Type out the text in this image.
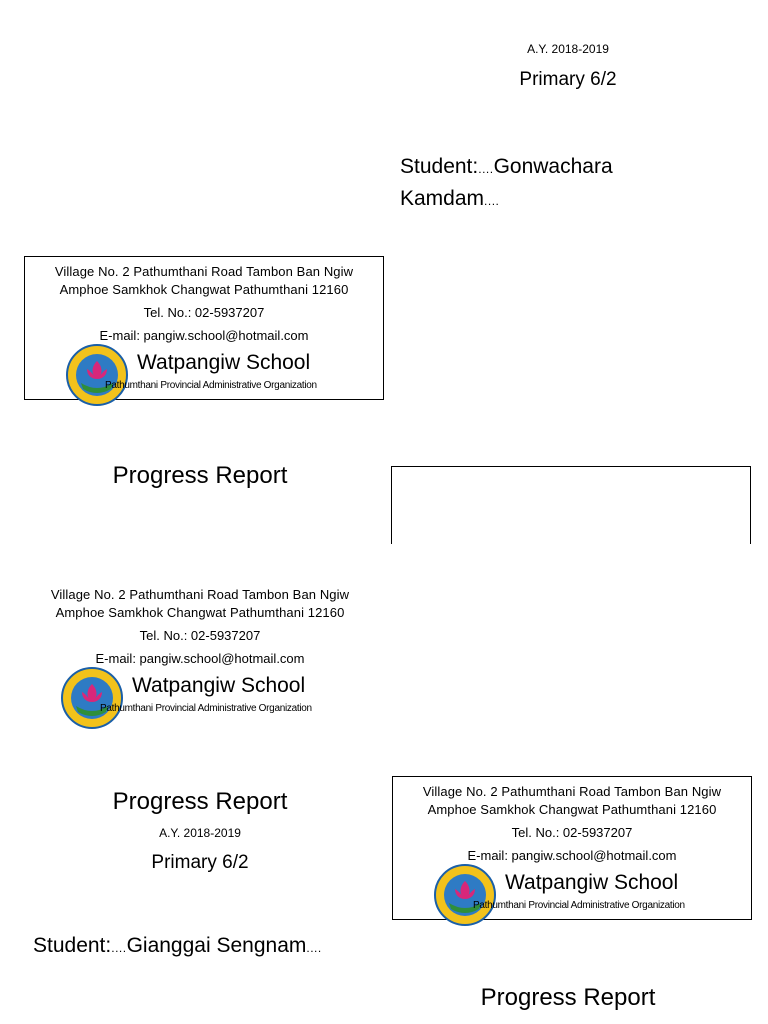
A.Y. 2018-2019
Primary 6/2
Student:....Gonwachara Kamdam....
Village No. 2 Pathumthani Road Tambon Ban Ngiw
Amphoe Samkhok Changwat Pathumthani 12160
Tel. No.: 02-5937207
E-mail: pangiw.school@hotmail.com
Watpangiw School
Pathumthani Provincial Administrative Organization
Progress Report
Village No. 2 Pathumthani Road Tambon Ban Ngiw
Amphoe Samkhok Changwat Pathumthani 12160
Tel. No.: 02-5937207
E-mail: pangiw.school@hotmail.com
Watpangiw School
Pathumthani Provincial Administrative Organization
Progress Report
A.Y. 2018-2019
Primary 6/2
Student:....Gianggai Sengnam....
Village No. 2 Pathumthani Road Tambon Ban Ngiw
Amphoe Samkhok Changwat Pathumthani 12160
Tel. No.: 02-5937207
E-mail: pangiw.school@hotmail.com
Watpangiw School
Pathumthani Provincial Administrative Organization
Progress Report
